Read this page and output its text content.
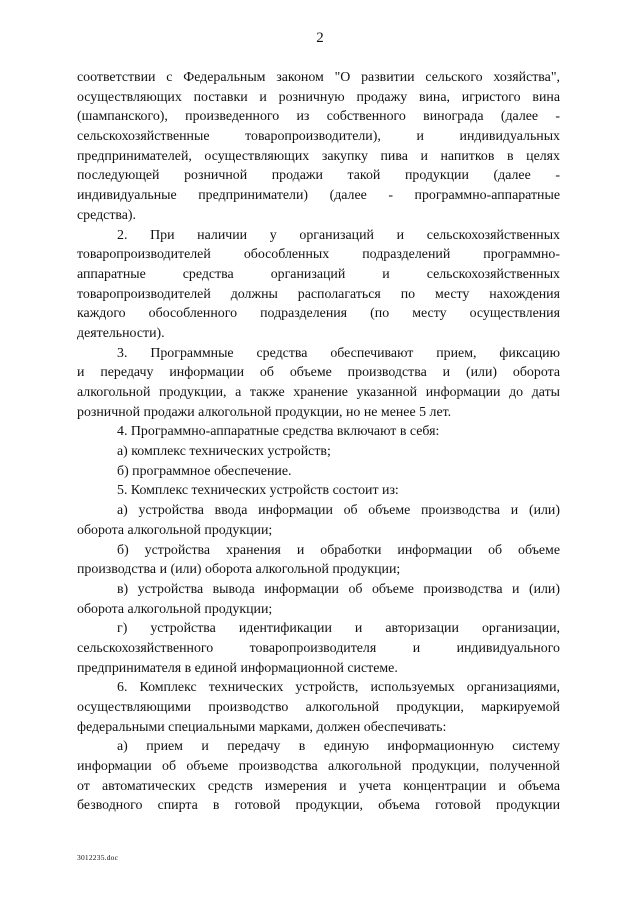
2
соответствии с Федеральным законом "О развитии сельского хозяйства",
осуществляющих поставки и розничную продажу вина, игристого вина
(шампанского), произведенного из собственного винограда (далее -
сельскохозяйственные товаропроизводители), и индивидуальных
предпринимателей, осуществляющих закупку пива и напитков в целях
последующей розничной продажи такой продукции (далее -
индивидуальные предприниматели) (далее - программно-аппаратные
средства).
2. При наличии у организаций и сельскохозяйственных
товаропроизводителей обособленных подразделений программно-
аппаратные средства организаций и сельскохозяйственных
товаропроизводителей должны располагаться по месту нахождения
каждого обособленного подразделения (по месту осуществления
деятельности).
3. Программные средства обеспечивают прием, фиксацию
и передачу информации об объеме производства и (или) оборота
алкогольной продукции, а также хранение указанной информации до даты
розничной продажи алкогольной продукции, но не менее 5 лет.
4. Программно-аппаратные средства включают в себя:
а) комплекс технических устройств;
б) программное обеспечение.
5. Комплекс технических устройств состоит из:
а) устройства ввода информации об объеме производства и (или)
оборота алкогольной продукции;
б) устройства хранения и обработки информации об объеме
производства и (или) оборота алкогольной продукции;
в) устройства вывода информации об объеме производства и (или)
оборота алкогольной продукции;
г) устройства идентификации и авторизации организации,
сельскохозяйственного товаропроизводителя и индивидуального
предпринимателя в единой информационной системе.
6. Комплекс технических устройств, используемых организациями,
осуществляющими производство алкогольной продукции, маркируемой
федеральными специальными марками, должен обеспечивать:
а) прием и передачу в единую информационную систему
информации об объеме производства алкогольной продукции, полученной
от автоматических средств измерения и учета концентрации и объема
безводного спирта в готовой продукции, объема готовой продукции
3012235.doc
